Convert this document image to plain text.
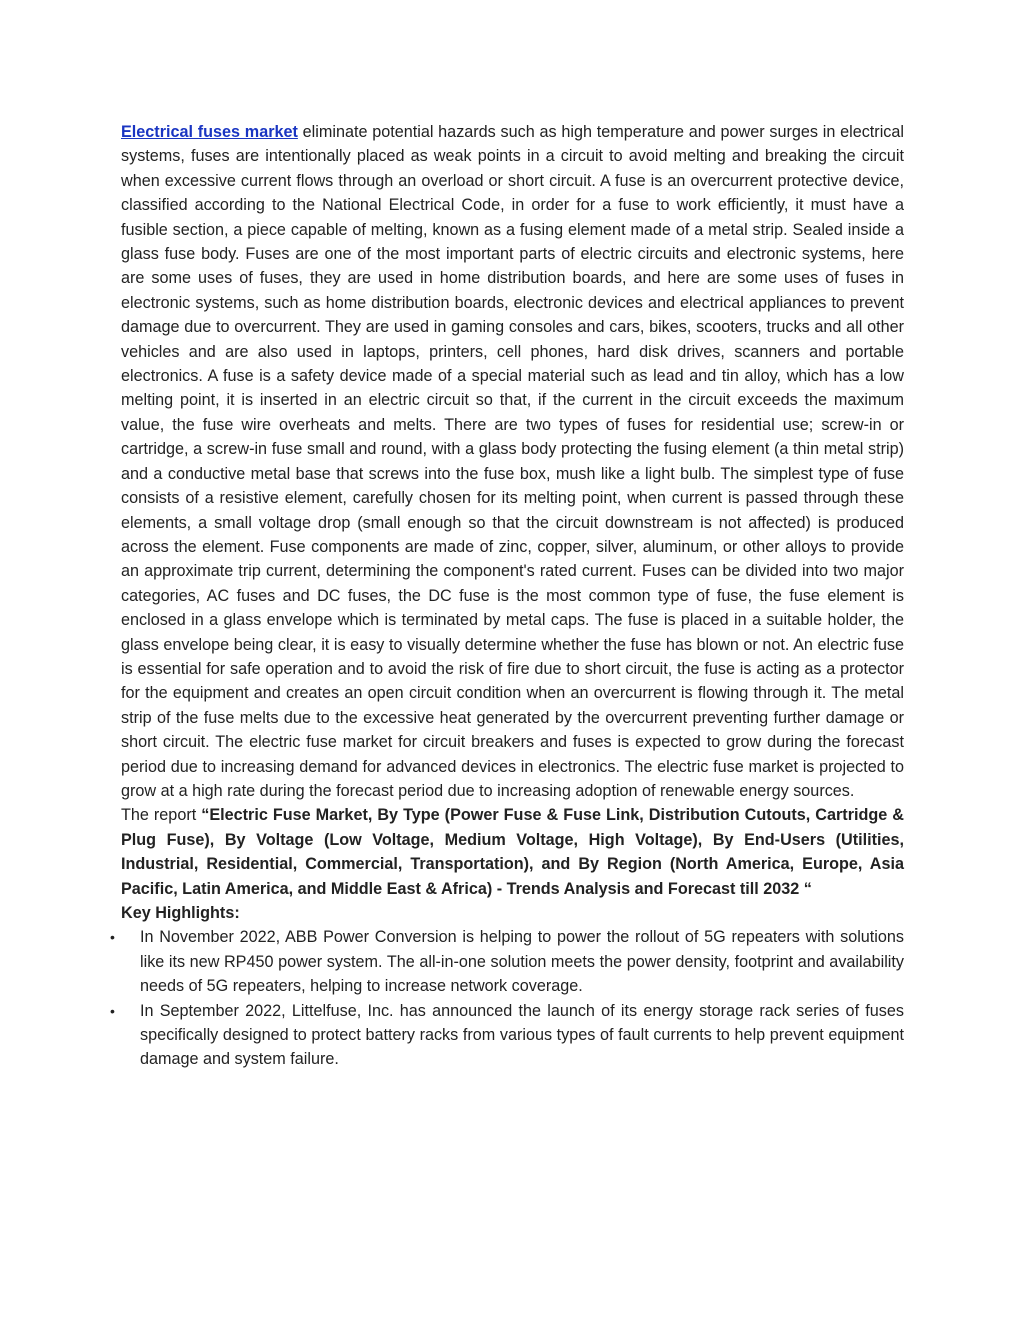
Electrical fuses market eliminate potential hazards such as high temperature and power surges in electrical systems, fuses are intentionally placed as weak points in a circuit to avoid melting and breaking the circuit when excessive current flows through an overload or short circuit. A fuse is an overcurrent protective device, classified according to the National Electrical Code, in order for a fuse to work efficiently, it must have a fusible section, a piece capable of melting, known as a fusing element made of a metal strip. Sealed inside a glass fuse body. Fuses are one of the most important parts of electric circuits and electronic systems, here are some uses of fuses, they are used in home distribution boards, and here are some uses of fuses in electronic systems, such as home distribution boards, electronic devices and electrical appliances to prevent damage due to overcurrent. They are used in gaming consoles and cars, bikes, scooters, trucks and all other vehicles and are also used in laptops, printers, cell phones, hard disk drives, scanners and portable electronics. A fuse is a safety device made of a special material such as lead and tin alloy, which has a low melting point, it is inserted in an electric circuit so that, if the current in the circuit exceeds the maximum value, the fuse wire overheats and melts. There are two types of fuses for residential use; screw-in or cartridge, a screw-in fuse small and round, with a glass body protecting the fusing element (a thin metal strip) and a conductive metal base that screws into the fuse box, mush like a light bulb. The simplest type of fuse consists of a resistive element, carefully chosen for its melting point, when current is passed through these elements, a small voltage drop (small enough so that the circuit downstream is not affected) is produced across the element. Fuse components are made of zinc, copper, silver, aluminum, or other alloys to provide an approximate trip current, determining the component's rated current. Fuses can be divided into two major categories, AC fuses and DC fuses, the DC fuse is the most common type of fuse, the fuse element is enclosed in a glass envelope which is terminated by metal caps. The fuse is placed in a suitable holder, the glass envelope being clear, it is easy to visually determine whether the fuse has blown or not. An electric fuse is essential for safe operation and to avoid the risk of fire due to short circuit, the fuse is acting as a protector for the equipment and creates an open circuit condition when an overcurrent is flowing through it. The metal strip of the fuse melts due to the excessive heat generated by the overcurrent preventing further damage or short circuit. The electric fuse market for circuit breakers and fuses is expected to grow during the forecast period due to increasing demand for advanced devices in electronics. The electric fuse market is projected to grow at a high rate during the forecast period due to increasing adoption of renewable energy sources.

The report “Electric Fuse Market, By Type (Power Fuse & Fuse Link, Distribution Cutouts, Cartridge & Plug Fuse), By Voltage (Low Voltage, Medium Voltage, High Voltage), By End-Users (Utilities, Industrial, Residential, Commercial, Transportation), and By Region (North America, Europe, Asia Pacific, Latin America, and Middle East & Africa) - Trends Analysis and Forecast till 2032 “

Key Highlights:

• In November 2022, ABB Power Conversion is helping to power the rollout of 5G repeaters with solutions like its new RP450 power system. The all-in-one solution meets the power density, footprint and availability needs of 5G repeaters, helping to increase network coverage.
• In September 2022, Littelfuse, Inc. has announced the launch of its energy storage rack series of fuses specifically designed to protect battery racks from various types of fault currents to help prevent equipment damage and system failure.
